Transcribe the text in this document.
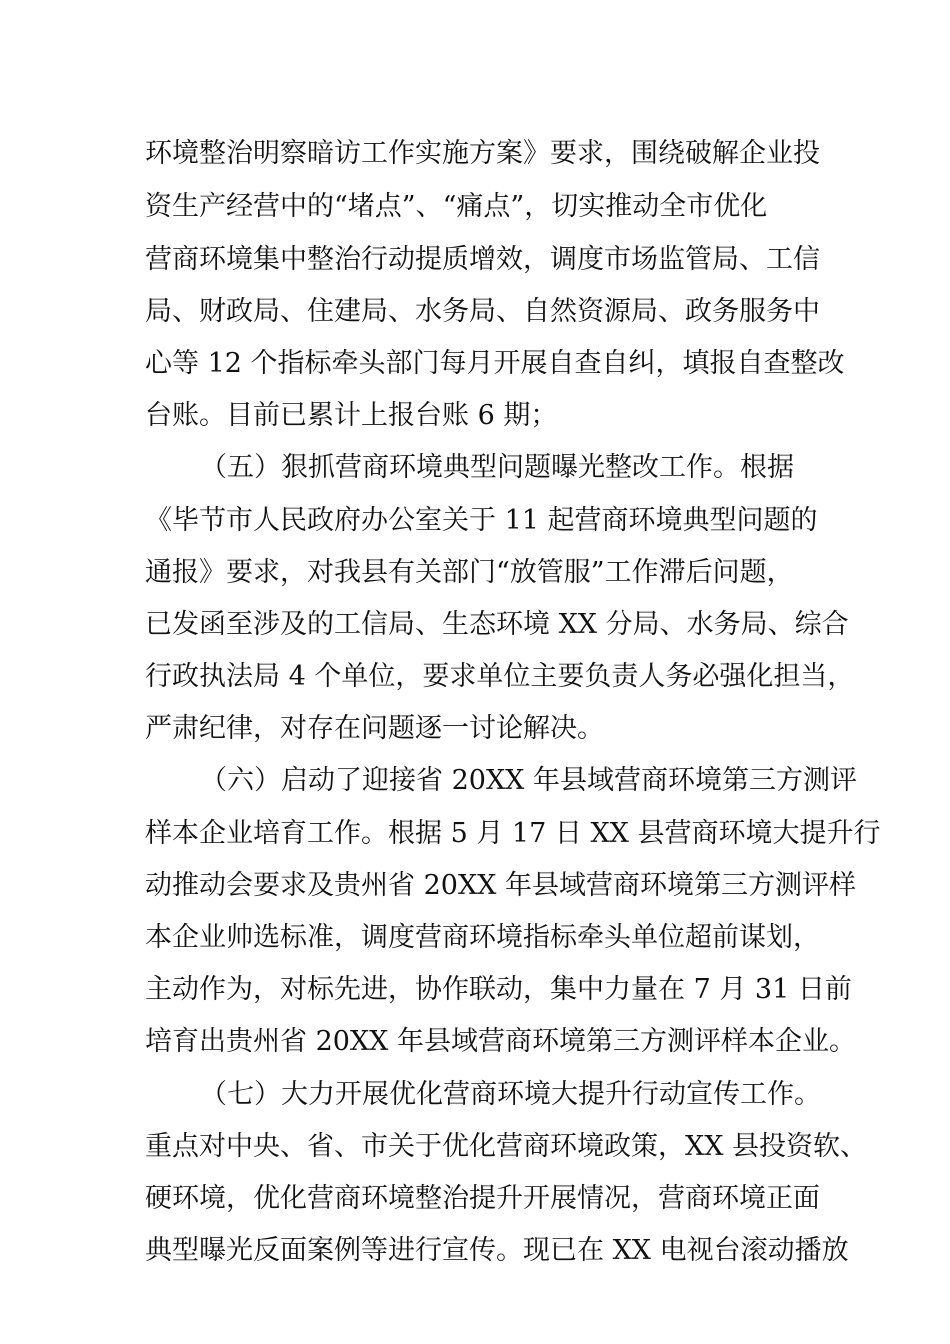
环境整治明察暗访工作实施方案》要求，围绕破解企业投
资生产经营中的“堵点”、“痛点”，切实推动全市优化
营商环境集中整治行动提质增效，调度市场监管局、工信
局、财政局、住建局、水务局、自然资源局、政务服务中
心等 12 个指标牵头部门每月开展自查自纠，填报自查整改
台账。目前已累计上报台账 6 期；
（五）狠抓营商环境典型问题曝光整改工作。根据
《毕节市人民政府办公室关于 11 起营商环境典型问题的
通报》要求，对我县有关部门“放管服”工作滞后问题，
已发函至涉及的工信局、生态环境 XX 分局、水务局、综合
行政执法局 4 个单位，要求单位主要负责人务必强化担当，
严肃纪律，对存在问题逐一讨论解决。
（六）启动了迎接省 20XX 年县域营商环境第三方测评
样本企业培育工作。根据 5 月 17 日 XX 县营商环境大提升行
动推动会要求及贵州省 20XX 年县域营商环境第三方测评样
本企业帅选标准，调度营商环境指标牵头单位超前谋划，
主动作为，对标先进，协作联动，集中力量在 7 月 31 日前
培育出贵州省 20XX 年县域营商环境第三方测评样本企业。
（七）大力开展优化营商环境大提升行动宣传工作。
重点对中央、省、市关于优化营商环境政策，XX 县投资软、
硬环境，优化营商环境整治提升开展情况，营商环境正面
典型曝光反面案例等进行宣传。现已在 XX 电视台滚动播放
